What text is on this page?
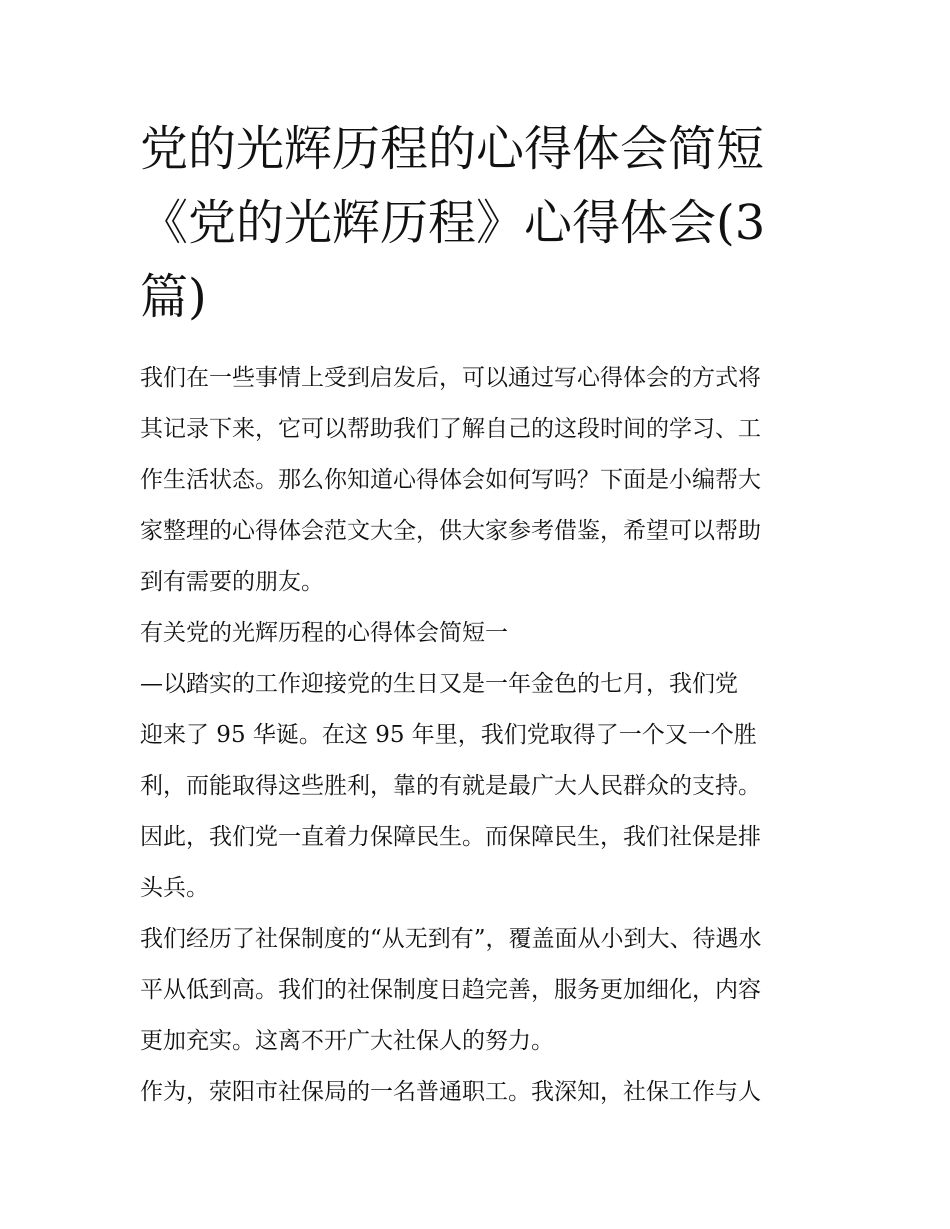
党的光辉历程的心得体会简短
《党的光辉历程》心得体会(3
篇)
我们在一些事情上受到启发后，可以通过写心得体会的方式将
其记录下来，它可以帮助我们了解自己的这段时间的学习、工
作生活状态。那么你知道心得体会如何写吗？下面是小编帮大
家整理的心得体会范文大全，供大家参考借鉴，希望可以帮助
到有需要的朋友。
有关党的光辉历程的心得体会简短一
—以踏实的工作迎接党的生日又是一年金色的七月，我们党
迎来了 95 华诞。在这 95 年里，我们党取得了一个又一个胜
利，而能取得这些胜利，靠的有就是最广大人民群众的支持。
因此，我们党一直着力保障民生。而保障民生，我们社保是排
头兵。
我们经历了社保制度的“从无到有”，覆盖面从小到大、待遇水
平从低到高。我们的社保制度日趋完善，服务更加细化，内容
更加充实。这离不开广大社保人的努力。
作为，荥阳市社保局的一名普通职工。我深知，社保工作与人
